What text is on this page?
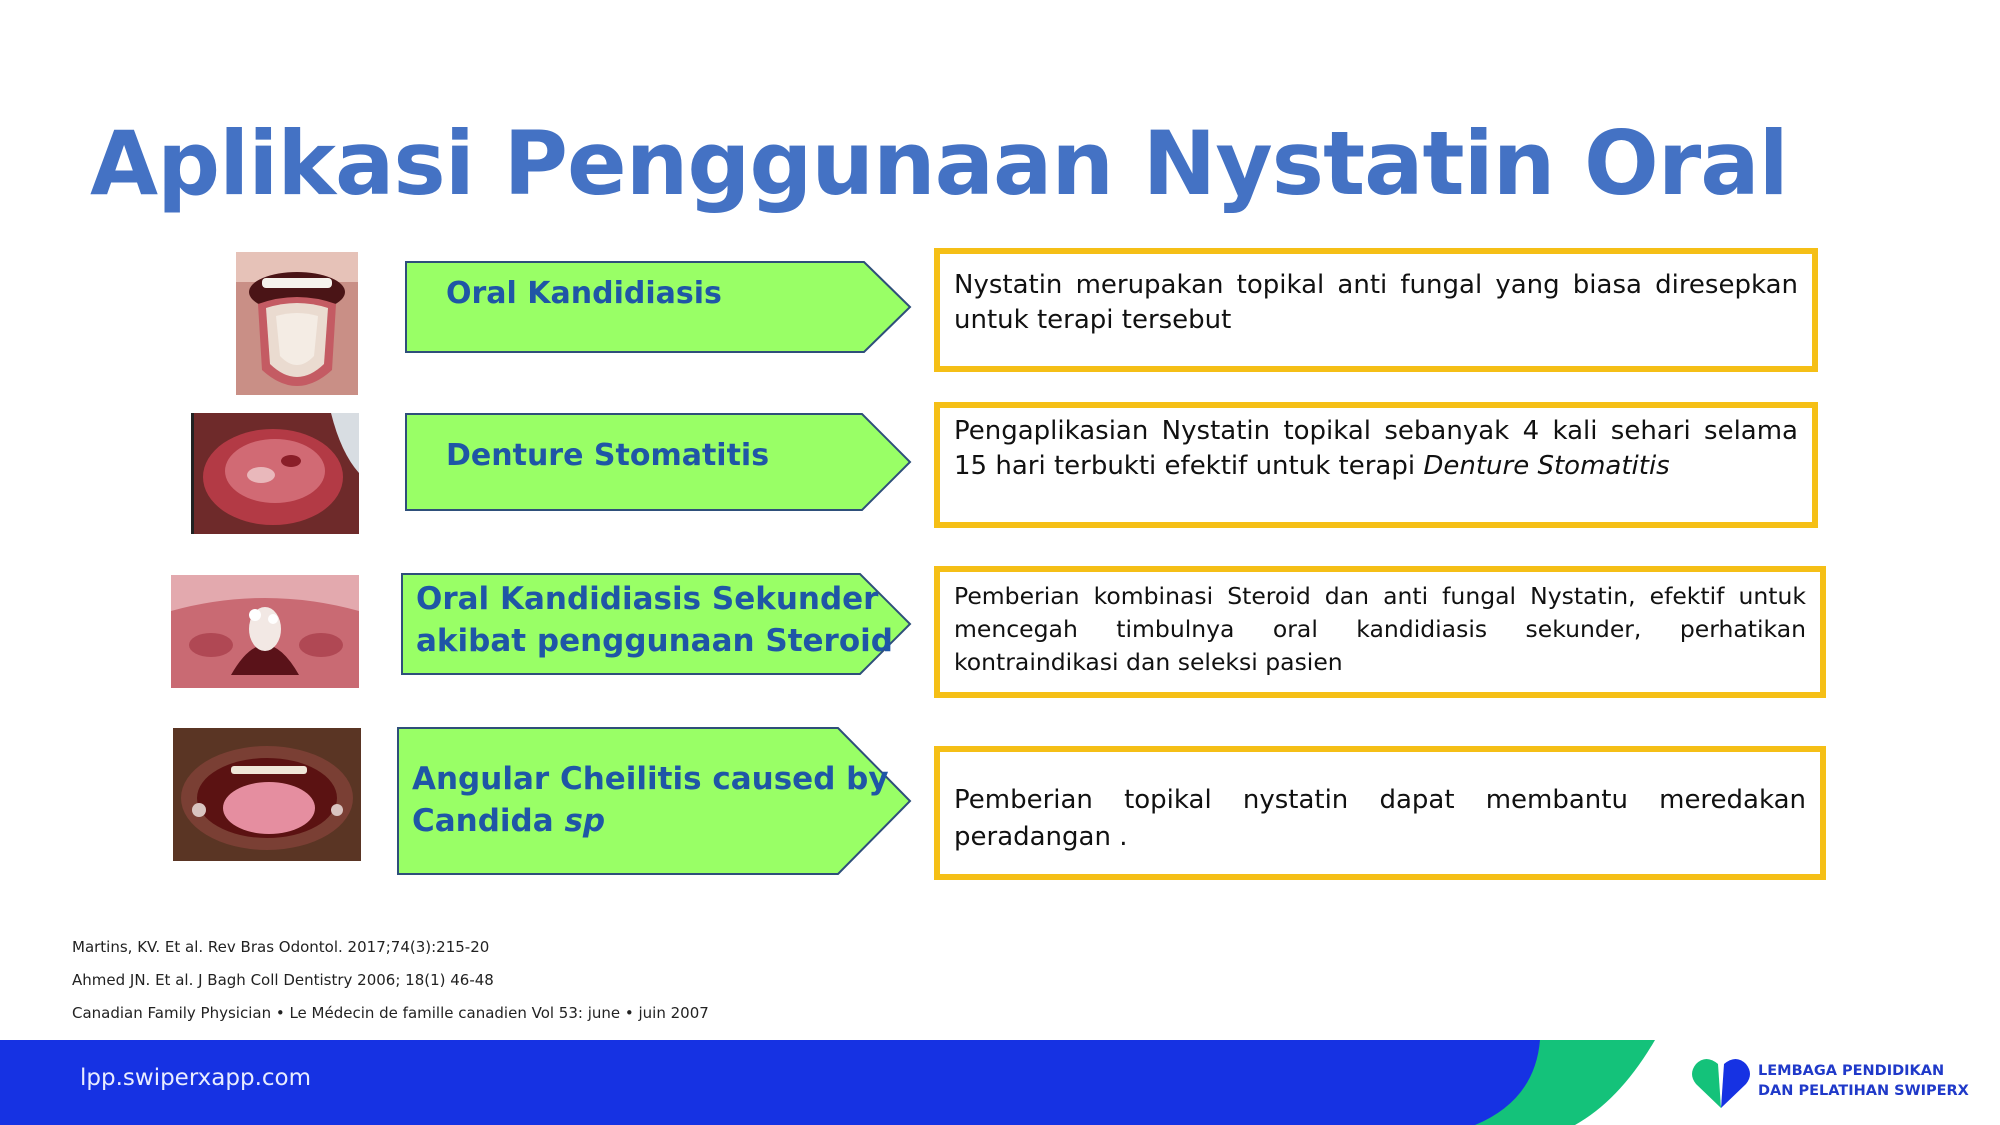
Aplikasi Penggunaan Nystatin Oral
Oral Kandidiasis	Nystatin merupakan topikal anti fungal yang biasa diresepkan untuk terapi tersebut

Denture Stomatitis

Pengaplikasian Nystatin topikal sebanyak 4 kali sehari selama 15 hari terbukti efektif untuk terapi Denture Stomatitis

Oral Kandidiasis Sekunder
akibat penggunaan Steroid

Pemberian kombinasi Steroid dan anti fungal Nystatin, efektif untuk mencegah timbulnya oral kandidiasis sekunder, perhatikan kontraindikasi dan seleksi pasien

Angular Cheilitis caused by
Candida sp

Pemberian topikal nystatin dapat membantu meredakan peradangan .

Martins, KV. Et al. Rev Bras Odontol. 2017;74(3):215-20
Ahmed JN. Et al. J Bagh Coll Dentistry 2006; 18(1) 46-48
Canadian Family Physician • Le Médecin de famille canadien Vol 53: june • juin 2007
lpp.swiperxapp.com	LEMBAGA PENDIDIKAN
DAN PELATIHAN SWIPERX
